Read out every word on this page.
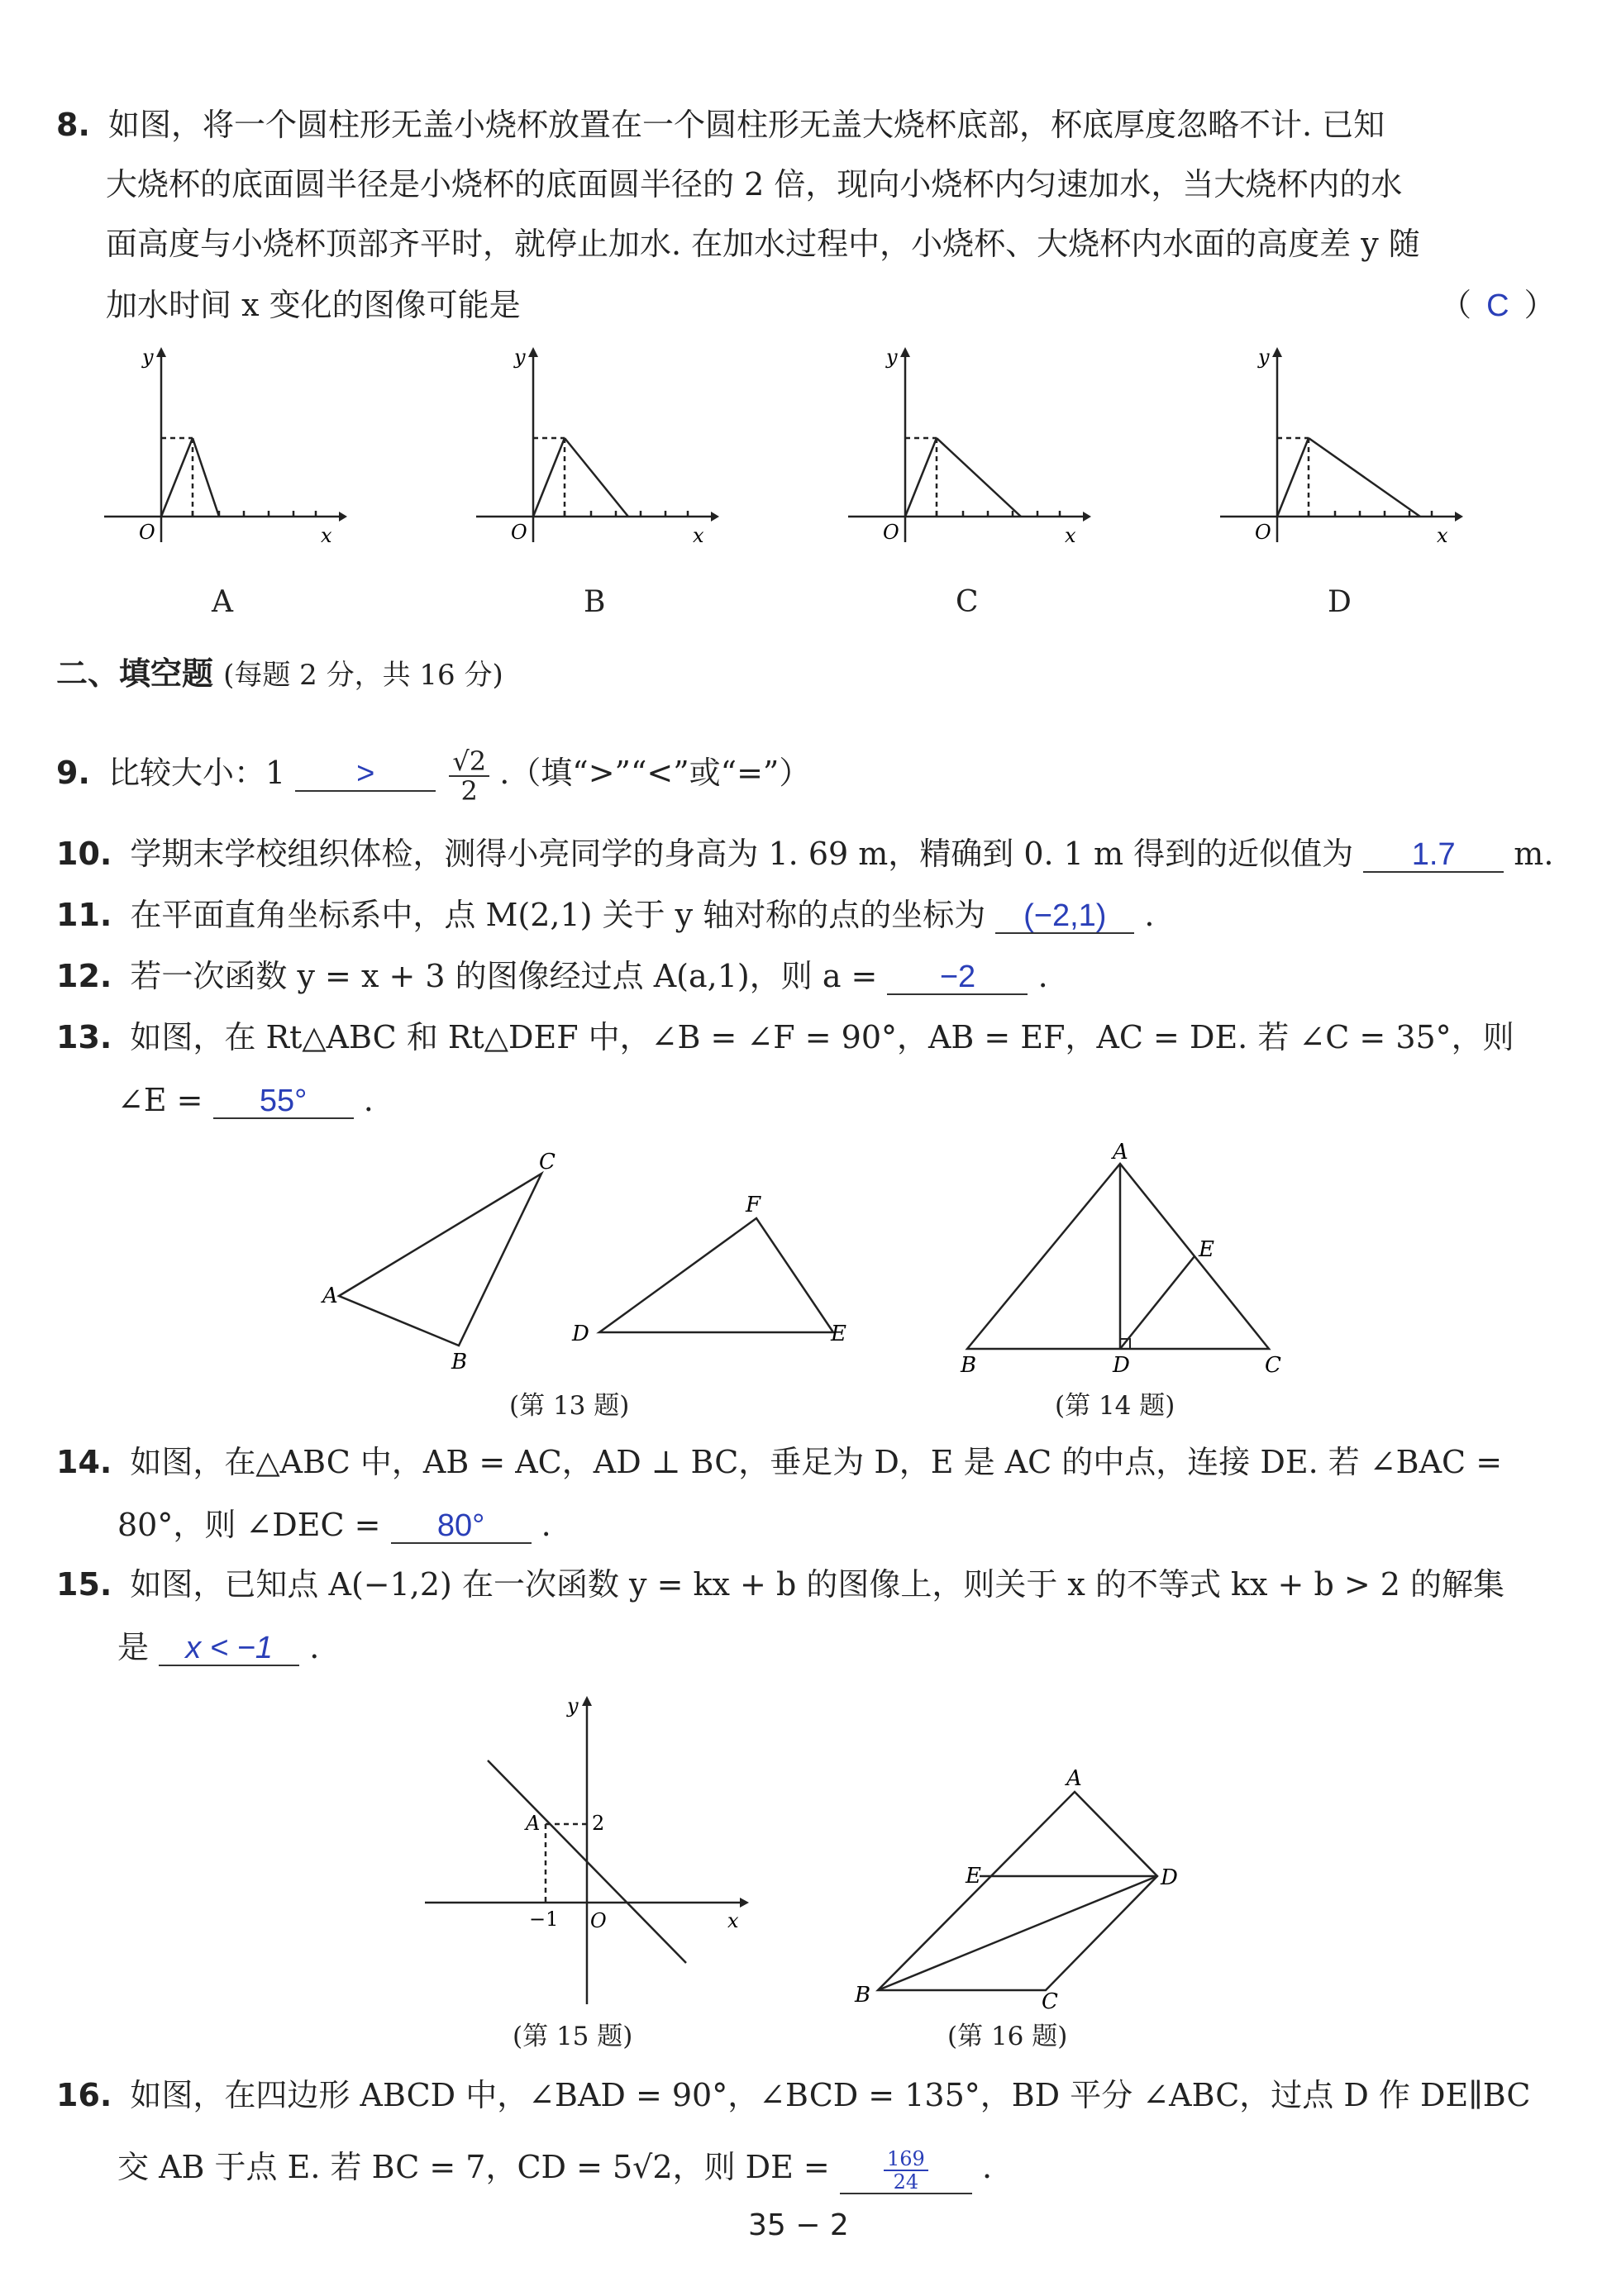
8. 如图，将一个圆柱形无盖小烧杯放置在一个圆柱形无盖大烧杯底部，杯底厚度忽略不计. 已知
大烧杯的底面圆半径是小烧杯的底面圆半径的 2 倍，现向小烧杯内匀速加水，当大烧杯内的水
面高度与小烧杯顶部齐平时，就停止加水. 在加水过程中，小烧杯、大烧杯内水面的高度差 y 随
加水时间 x 变化的图像可能是	（ C ）
y
x
O
A
y
x
O
B
y
x
O
C
y
x
O
D
二、填空题 (每题 2 分，共 16 分)
9. 比较大小：1 >	$\frac{√2}{2}$ .（填“>”“<”或“=”）
10. 学期末学校组织体检，测得小亮同学的身高为 1. 69 m，精确到 0. 1 m 得到的近似值为 1.7 m.
11. 在平面直角坐标系中，点 M(2,1) 关于 y 轴对称的点的坐标为 (−2,1) .
12. 若一次函数 y = x + 3 的图像经过点 A(a,1)，则 a = −2 .
13. 如图，在 Rt△ABC 和 Rt△DEF 中，∠B = ∠F = 90°，AB = EF，AC = DE. 若 ∠C = 35°，则
∠E = 55° .
A
B
C
D	E
F
(第 13 题)
A
B	C
D
E
(第 14 题)
14. 如图，在△ABC 中，AB = AC，AD ⊥ BC，垂足为 D，E 是 AC 的中点，连接 DE. 若 ∠BAC =
80°，则 ∠DEC = 80° .
15. 如图，已知点 A(−1,2) 在一次函数 y = kx + b 的图像上，则关于 x 的不等式 kx + b > 2 的解集
是 x < −1 .
y
x
O
A	2
−1
(第 15 题)
A
B	C
D
E
(第 16 题)
16. 如图，在四边形 ABCD 中，∠BAD = 90°，∠BCD = 135°，BD 平分 ∠ABC，过点 D 作 DE∥BC
交 AB 于点 E. 若 BC = 7，CD = 5√2，则 DE =	$\frac{169}{24}$ .
35 − 2
